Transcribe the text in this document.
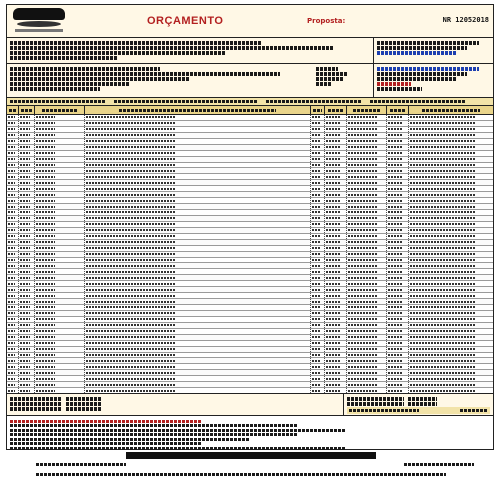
ORÇAMENTO	Proposta:	NR 12052018
